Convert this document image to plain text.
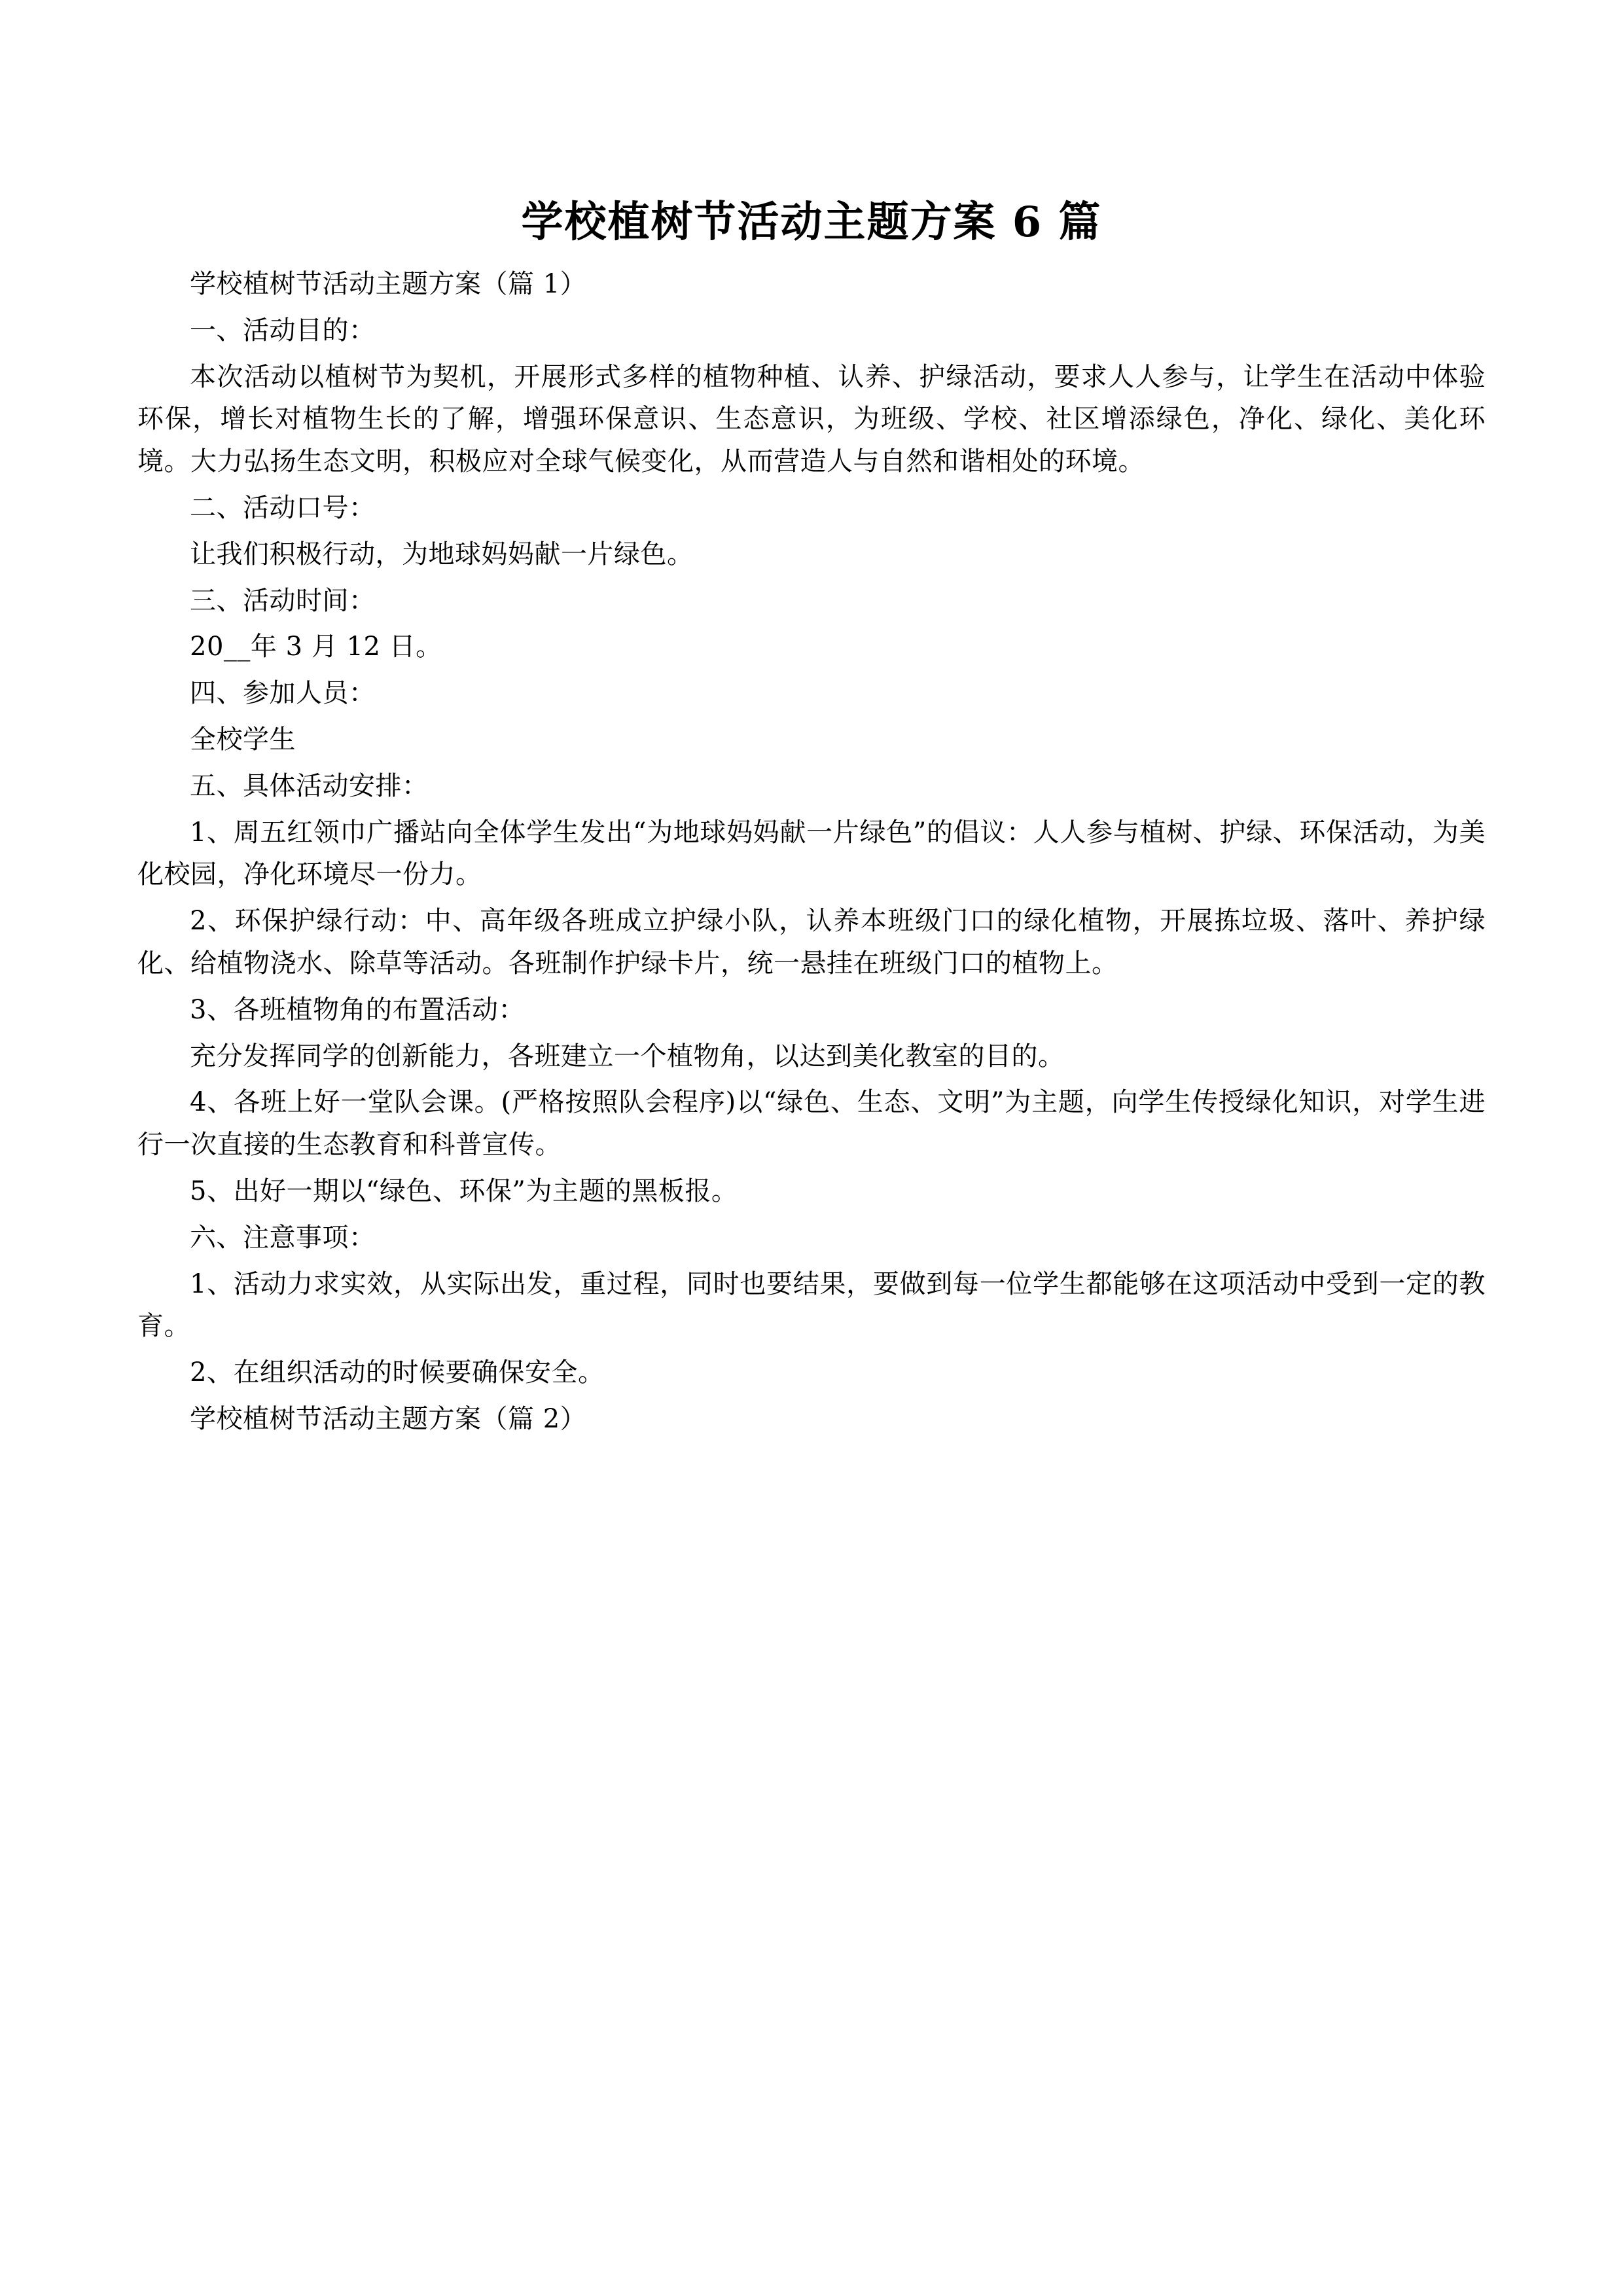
学校植树节活动主题方案 6 篇

学校植树节活动主题方案（篇 1）

一、活动目的：

本次活动以植树节为契机，开展形式多样的植物种植、认养、护绿活动，要求人人参与，让学生在活动中体验环保，增长对植物生长的了解，增强环保意识、生态意识，为班级、学校、社区增添绿色，净化、绿化、美化环境。大力弘扬生态文明，积极应对全球气候变化，从而营造人与自然和谐相处的环境。

二、活动口号：

让我们积极行动，为地球妈妈献一片绿色。

三、活动时间：

20__年 3 月 12 日。

四、参加人员：

全校学生

五、具体活动安排：

1、周五红领巾广播站向全体学生发出“为地球妈妈献一片绿色”的倡议：人人参与植树、护绿、环保活动，为美化校园，净化环境尽一份力。

2、环保护绿行动：中、高年级各班成立护绿小队，认养本班级门口的绿化植物，开展拣垃圾、落叶、养护绿化、给植物浇水、除草等活动。各班制作护绿卡片，统一悬挂在班级门口的植物上。

3、各班植物角的布置活动：

充分发挥同学的创新能力，各班建立一个植物角，以达到美化教室的目的。

4、各班上好一堂队会课。(严格按照队会程序)以“绿色、生态、文明”为主题，向学生传授绿化知识，对学生进行一次直接的生态教育和科普宣传。

5、出好一期以“绿色、环保”为主题的黑板报。

六、注意事项：

1、活动力求实效，从实际出发，重过程，同时也要结果，要做到每一位学生都能够在这项活动中受到一定的教育。

2、在组织活动的时候要确保安全。

学校植树节活动主题方案（篇 2）
